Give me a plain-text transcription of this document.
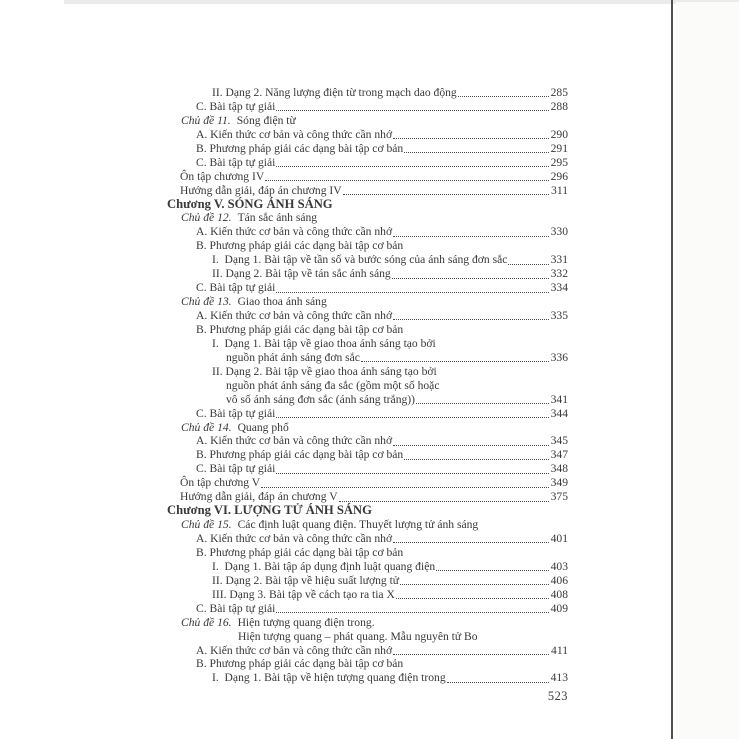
II. Dạng 2. Năng lượng điện từ trong mạch dao động	285
C. Bài tập tự giải	288
Chủ đề 11. Sóng điện từ
A. Kiến thức cơ bản và công thức cần nhớ	290
B. Phương pháp giải các dạng bài tập cơ bản	291
C. Bài tập tự giải	295
Ôn tập chương IV	296
Hướng dẫn giải, đáp án chương IV	311
Chương V. SÓNG ÁNH SÁNG
Chủ đề 12. Tán sắc ánh sáng
A. Kiến thức cơ bản và công thức cần nhớ	330
B. Phương pháp giải các dạng bài tập cơ bản
I.  Dạng 1. Bài tập về tần số và bước sóng của ánh sáng đơn sắc	331
II. Dạng 2. Bài tập về tán sắc ánh sáng	332
C. Bài tập tự giải	334
Chủ đề 13. Giao thoa ánh sáng
A. Kiến thức cơ bản và công thức cần nhớ	335
B. Phương pháp giải các dạng bài tập cơ bản
I.  Dạng 1. Bài tập về giao thoa ánh sáng tạo bởi
nguồn phát ánh sáng đơn sắc	336
II. Dạng 2. Bài tập về giao thoa ánh sáng tạo bởi
nguồn phát ánh sáng đa sắc (gồm một số hoặc
vô số ánh sáng đơn sắc (ánh sáng trắng))	341
C. Bài tập tự giải	344
Chủ đề 14. Quang phổ
A. Kiến thức cơ bản và công thức cần nhớ	345
B. Phương pháp giải các dạng bài tập cơ bản	347
C. Bài tập tự giải	348
Ôn tập chương V	349
Hướng dẫn giải, đáp án chương V	375
Chương VI. LƯỢNG TỬ ÁNH SÁNG
Chủ đề 15. Các định luật quang điện. Thuyết lượng tử ánh sáng
A. Kiến thức cơ bản và công thức cần nhớ	401
B. Phương pháp giải các dạng bài tập cơ bản
I.  Dạng 1. Bài tập áp dụng định luật quang điện	403
II. Dạng 2. Bài tập về hiệu suất lượng tử	406
III. Dạng 3. Bài tập về cách tạo ra tia X	408
C. Bài tập tự giải	409
Chủ đề 16. Hiện tượng quang điện trong.
Hiện tượng quang – phát quang. Mẫu nguyên tử Bo
A. Kiến thức cơ bản và công thức cần nhớ	411
B. Phương pháp giải các dạng bài tập cơ bản
I.  Dạng 1. Bài tập về hiện tượng quang điện trong	413
523
